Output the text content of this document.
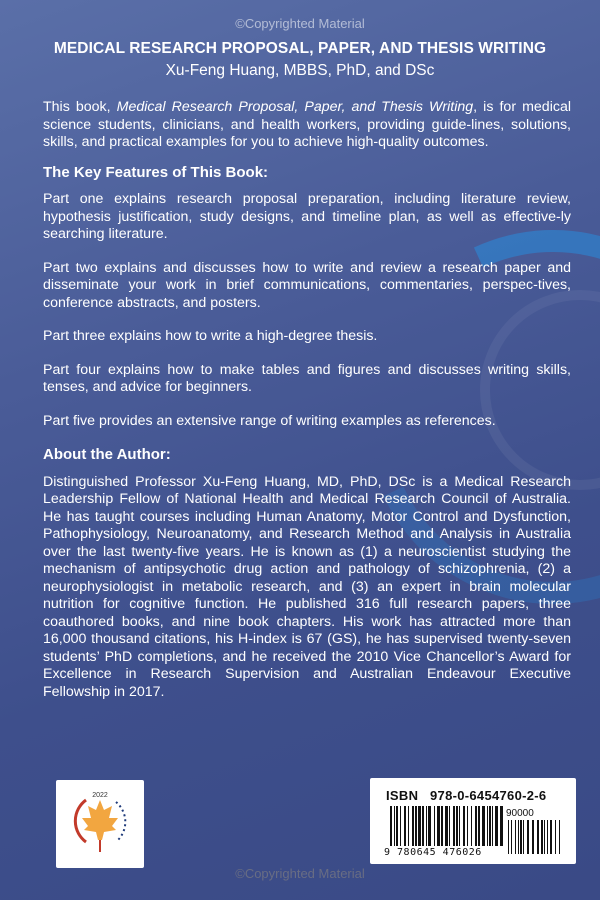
©Copyrighted Material
MEDICAL RESEARCH PROPOSAL, PAPER, AND THESIS WRITING
Xu-Feng Huang, MBBS, PhD, and DSc

This book, Medical Research Proposal, Paper, and Thesis Writing, is for medical science students, clinicians, and health workers, providing guide-lines, solutions, skills, and practical examples for you to achieve high-quality outcomes.

The Key Features of This Book:

Part one explains research proposal preparation, including literature review, hypothesis justification, study designs, and timeline plan, as well as effective-ly searching literature.

Part two explains and discusses how to write and review a research paper and disseminate your work in brief communications, commentaries, perspec-tives, conference abstracts, and posters.

Part three explains how to write a high-degree thesis.

Part four explains how to make tables and figures and discusses writing skills, tenses, and advice for beginners.

Part five provides an extensive range of writing examples as references.

About the Author:

Distinguished Professor Xu-Feng Huang, MD, PhD, DSc is a Medical Research Leadership Fellow of National Health and Medical Research Council of Australia. He has taught courses including Human Anatomy, Motor Control and Dysfunction, Pathophysiology, Neuroanatomy, and Research Method and Analysis in Australia over the last twenty-five years. He is known as (1) a neuroscientist studying the mechanism of antipsychotic drug action and pathology of schizophrenia, (2) a neurophysiologist in metabolic research, and (3) an expert in brain molecular nutrition for cognitive function. He published 316 full research papers, three coauthored books, and nine book chapters. His work has attracted more than 16,000 thousand citations, his H-index is 67 (GS), he has supervised twenty-seven students’ PhD completions, and he received the 2010 Vice Chancellor’s Award for Excellence in Research Supervision and Australian Endeavour Executive Fellowship in 2017.

2022	ISBN 978-0-6454760-2-6
90000
9 780645 476026
©Copyrighted Material
